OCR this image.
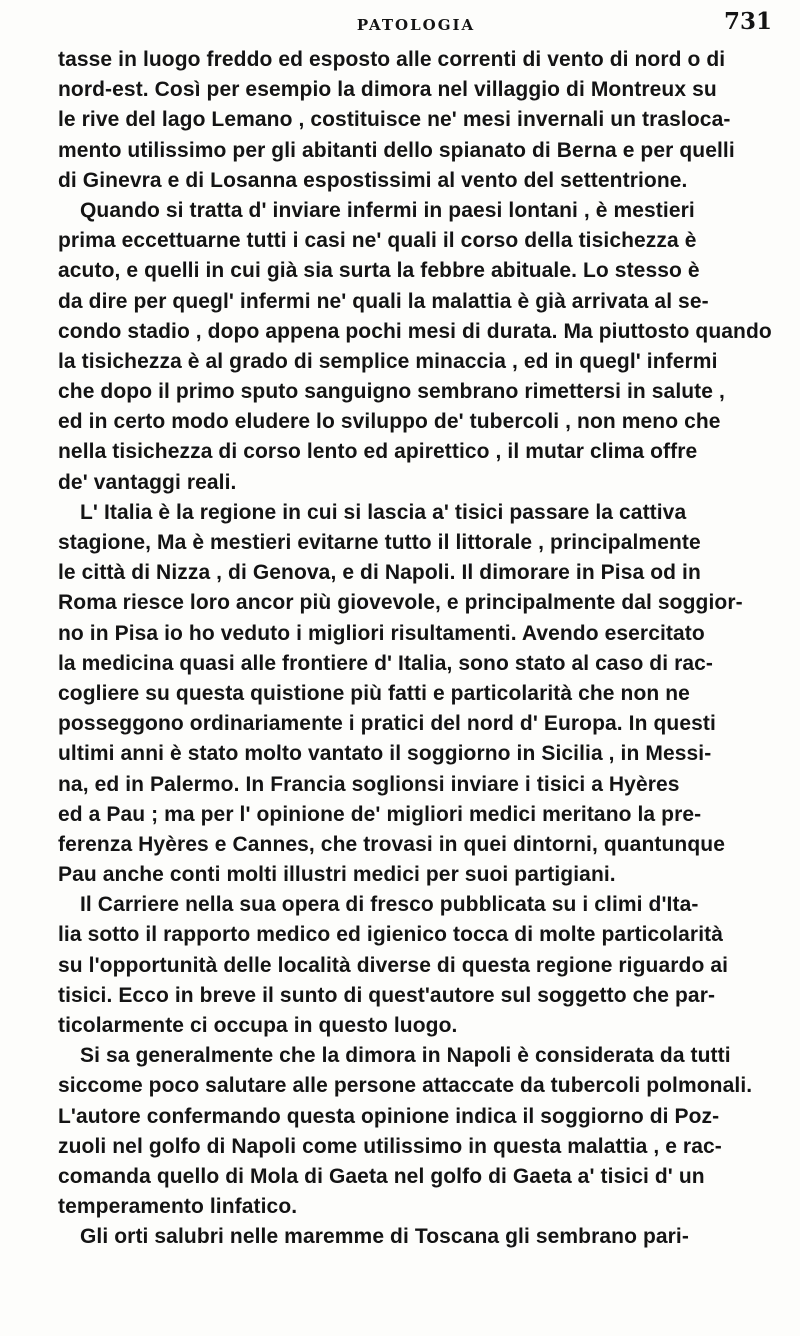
PATOLOGIA	731
tasse in luogo freddo ed esposto alle correnti di vento di nord o di
nord-est. Così per esempio la dimora nel villaggio di Montreux su
le rive del lago Lemano , costituisce ne' mesi invernali un trasloca-
mento utilissimo per gli abitanti dello spianato di Berna e per quelli
di Ginevra e di Losanna espostissimi al vento del settentrione.
Quando si tratta d' inviare infermi in paesi lontani , è mestieri
prima eccettuarne tutti i casi ne' quali il corso della tisichezza è
acuto, e quelli in cui già sia surta la febbre abituale. Lo stesso è
da dire per quegl' infermi ne' quali la malattia è già arrivata al se-
condo stadio , dopo appena pochi mesi di durata. Ma piuttosto quando
la tisichezza è al grado di semplice minaccia , ed in quegl' infermi
che dopo il primo sputo sanguigno sembrano rimettersi in salute ,
ed in certo modo eludere lo sviluppo de' tubercoli , non meno che
nella tisichezza di corso lento ed apirettico , il mutar clima offre
de' vantaggi reali.
L' Italia è la regione in cui si lascia a' tisici passare la cattiva
stagione, Ma è mestieri evitarne tutto il littorale , principalmente
le città di Nizza , di Genova, e di Napoli. Il dimorare in Pisa od in
Roma riesce loro ancor più giovevole, e principalmente dal soggior-
no in Pisa io ho veduto i migliori risultamenti. Avendo esercitato
la medicina quasi alle frontiere d' Italia, sono stato al caso di rac-
cogliere su questa quistione più fatti e particolarità che non ne
posseggono ordinariamente i pratici del nord d' Europa. In questi
ultimi anni è stato molto vantato il soggiorno in Sicilia , in Messi-
na, ed in Palermo. In Francia soglionsi inviare i tisici a Hyères
ed a Pau ; ma per l' opinione de' migliori medici meritano la pre-
ferenza Hyères e Cannes, che trovasi in quei dintorni, quantunque
Pau anche conti molti illustri medici per suoi partigiani.
Il Carriere nella sua opera di fresco pubblicata su i climi d'Ita-
lia sotto il rapporto medico ed igienico tocca di molte particolarità
su l'opportunità delle località diverse di questa regione riguardo ai
tisici. Ecco in breve il sunto di quest'autore sul soggetto che par-
ticolarmente ci occupa in questo luogo.
Si sa generalmente che la dimora in Napoli è considerata da tutti
siccome poco salutare alle persone attaccate da tubercoli polmonali.
L'autore confermando questa opinione indica il soggiorno di Poz-
zuoli nel golfo di Napoli come utilissimo in questa malattia , e rac-
comanda quello di Mola di Gaeta nel golfo di Gaeta a' tisici d' un
temperamento linfatico.
Gli orti salubri nelle maremme di Toscana gli sembrano pari-
